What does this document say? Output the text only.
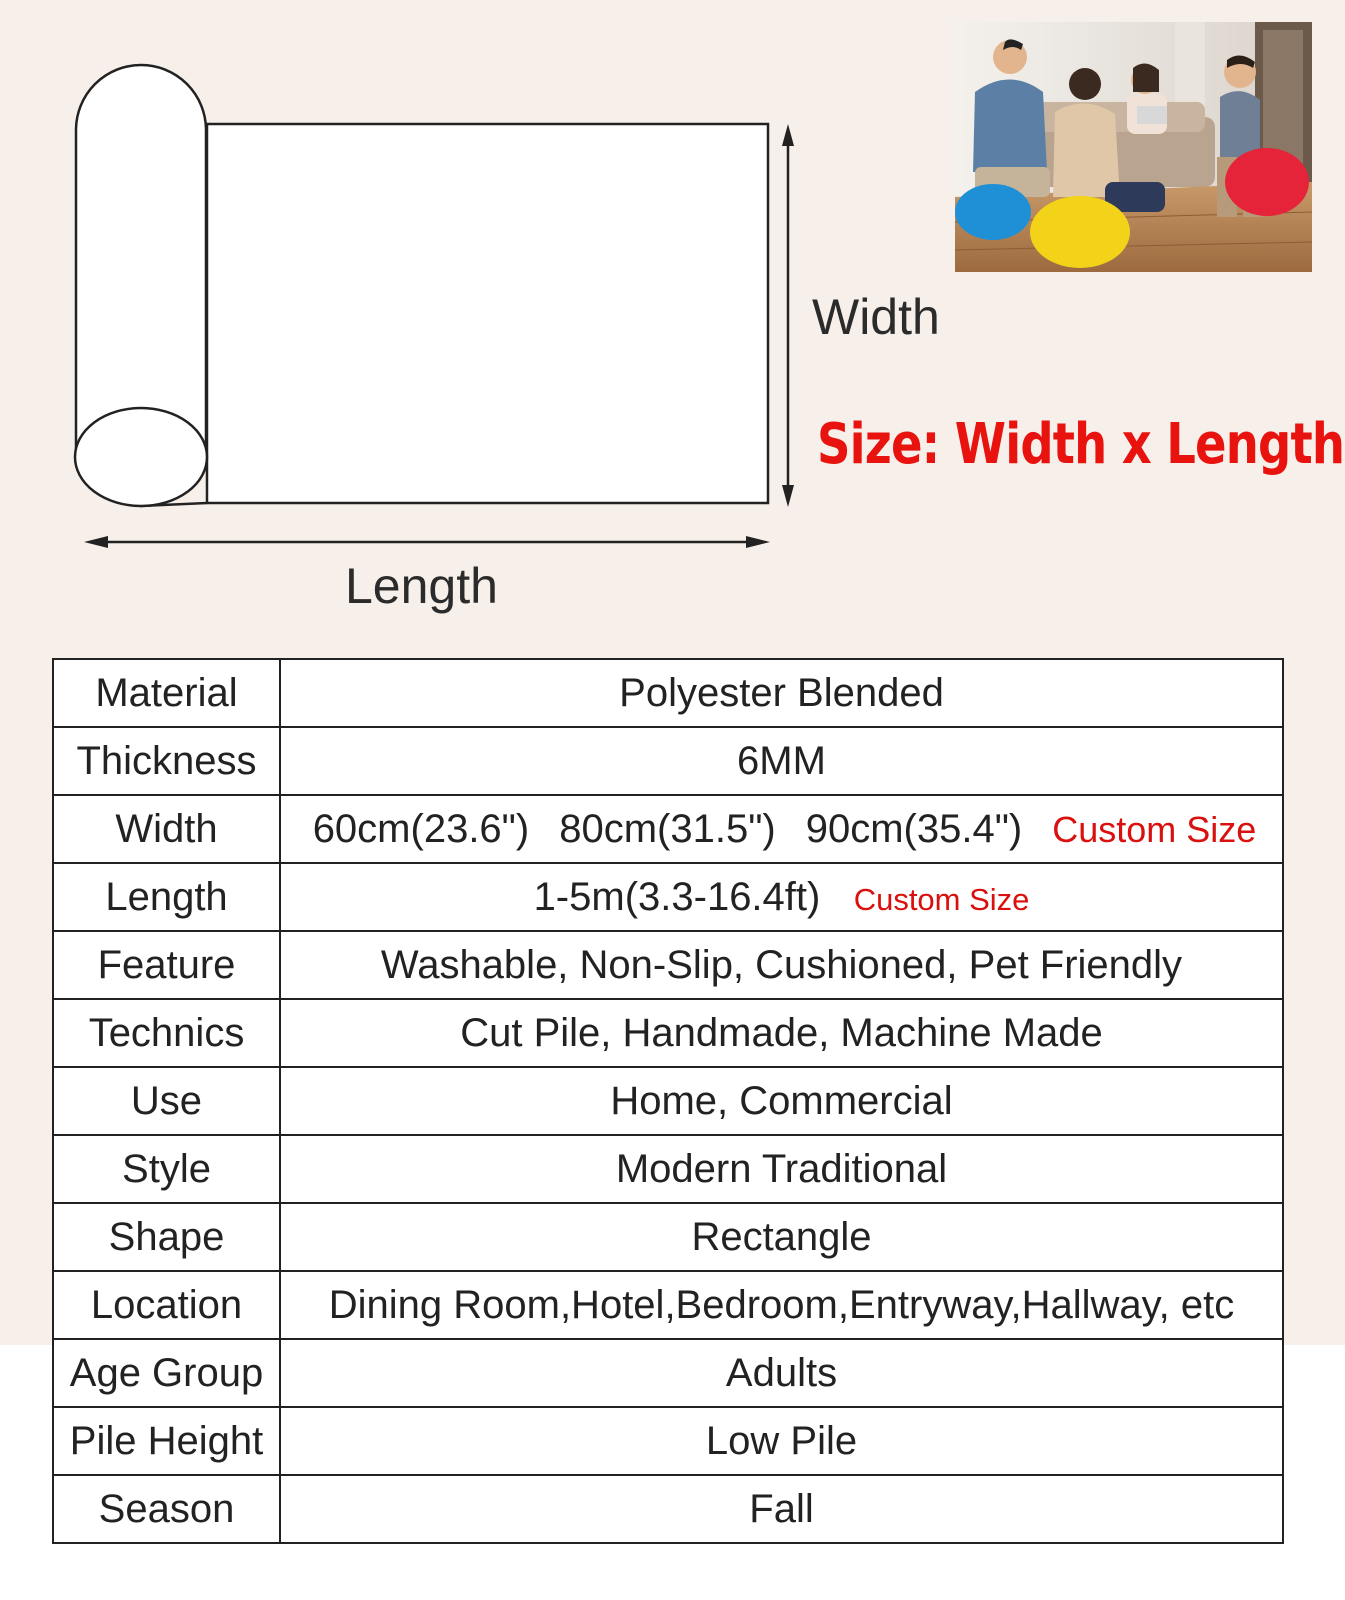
Width
Length
Size: Width x Length
Material	Polyester Blended
Thickness	6MM
Width	60cm(23.6") 80cm(31.5") 90cm(35.4") Custom Size
Length	1-5m(3.3-16.4ft) Custom Size
Feature	Washable, Non-Slip, Cushioned, Pet Friendly
Technics	Cut Pile, Handmade, Machine Made
Use	Home, Commercial
Style	Modern Traditional
Shape	Rectangle
Location	Dining Room,Hotel,Bedroom,Entryway,Hallway, etc
Age Group	Adults
Pile Height	Low Pile
Season	Fall
